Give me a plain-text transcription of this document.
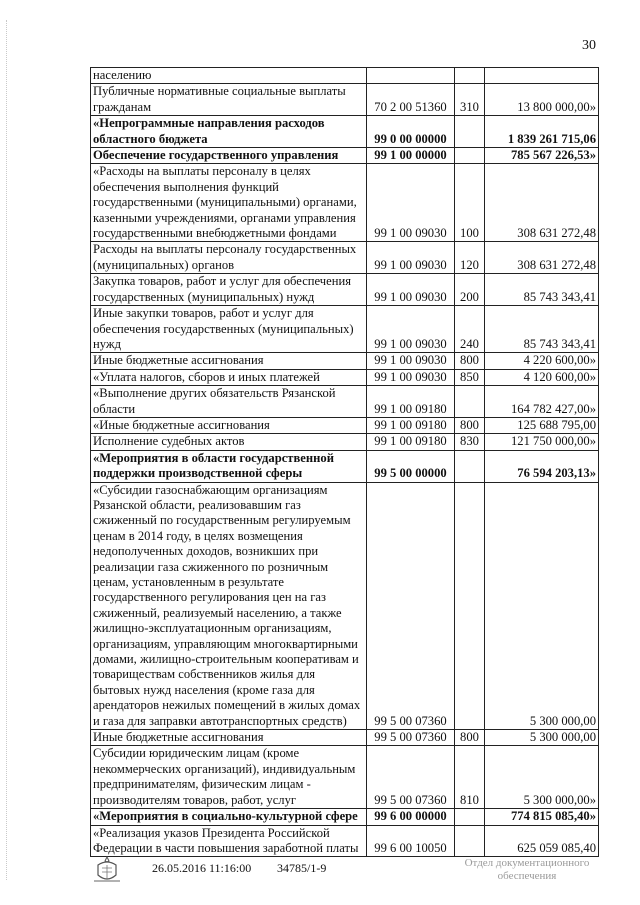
30
населению			
Публичные нормативные социальные выплаты гражданам	70 2 00 51360	310	13 800 000,00»
«Непрограммные направления расходов областного бюджета	99 0 00 00000		1 839 261 715,06
Обеспечение государственного управления	99 1 00 00000		785 567 226,53»
«Расходы на выплаты персоналу в целях обеспечения выполнения функций государственными (муниципальными) органами, казенными учреждениями, органами управления государственными внебюджетными фондами	99 1 00 09030	100	308 631 272,48
Расходы на выплаты персоналу государственных (муниципальных) органов	99 1 00 09030	120	308 631 272,48
Закупка товаров, работ и услуг для обеспечения государственных (муниципальных) нужд	99 1 00 09030	200	85 743 343,41
Иные закупки товаров, работ и услуг для обеспечения государственных (муниципальных) нужд	99 1 00 09030	240	85 743 343,41
Иные бюджетные ассигнования	99 1 00 09030	800	4 220 600,00»
«Уплата налогов, сборов и иных платежей	99 1 00 09030	850	4 120 600,00»
«Выполнение других обязательств Рязанской области	99 1 00 09180		164 782 427,00»
«Иные бюджетные ассигнования	99 1 00 09180	800	125 688 795,00
Исполнение судебных актов	99 1 00 09180	830	121 750 000,00»
«Мероприятия в области государственной поддержки производственной сферы	99 5 00 00000		76 594 203,13»
«Субсидии газоснабжающим организациям Рязанской области, реализовавшим газ сжиженный по государственным регулируемым ценам в 2014 году, в целях возмещения недополученных доходов, возникших при реализации газа сжиженного по розничным ценам, установленным в результате государственного регулирования цен на газ сжиженный, реализуемый населению, а также жилищно-эксплуатационным организациям, организациям, управляющим многоквартирными домами, жилищно-строительным кооперативам и товариществам собственников жилья для бытовых нужд населения (кроме газа для арендаторов нежилых помещений в жилых домах и газа для заправки автотранспортных средств)	99 5 00 07360		5 300 000,00
Иные бюджетные ассигнования	99 5 00 07360	800	5 300 000,00
Субсидии юридическим лицам (кроме некоммерческих организаций), индивидуальным предпринимателям, физическим лицам - производителям товаров, работ, услуг	99 5 00 07360	810	5 300 000,00»
«Мероприятия в социально-культурной сфере	99 6 00 00000		774 815 085,40»
«Реализация указов Президента Российской Федерации в части повышения заработной платы	99 6 00 10050		625 059 085,40
26.05.2016 11:16:00 34785/1-9	Отдел документационного
обеспечения
